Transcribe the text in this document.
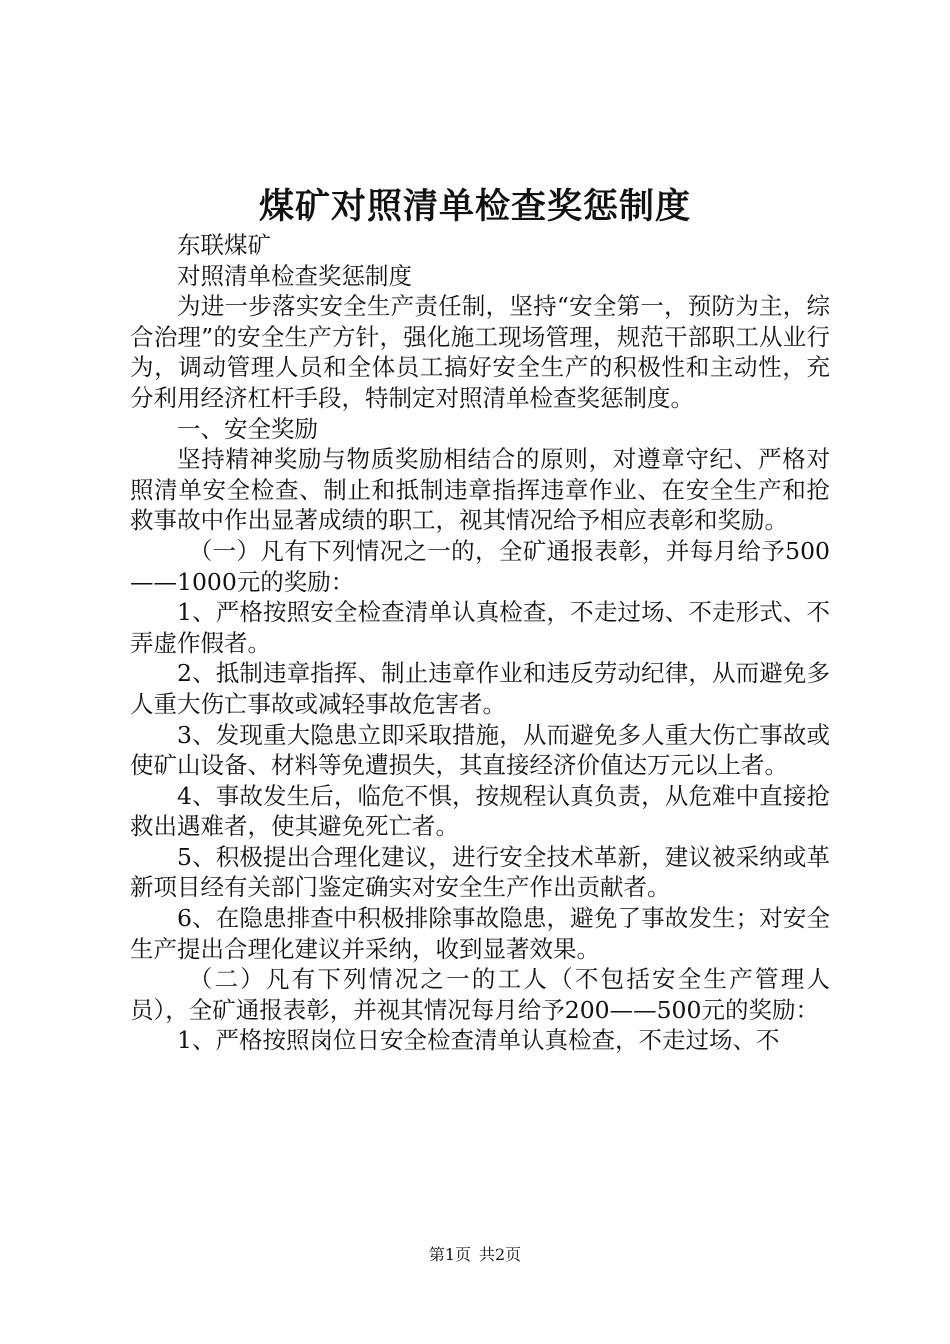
煤矿对照清单检查奖惩制度

东联煤矿

对照清单检查奖惩制度

为进一步落实安全生产责任制，坚持“安全第一，预防为主，综合治理”的安全生产方针，强化施工现场管理，规范干部职工从业行为，调动管理人员和全体员工搞好安全生产的积极性和主动性，充分利用经济杠杆手段，特制定对照清单检查奖惩制度。

一、安全奖励

坚持精神奖励与物质奖励相结合的原则，对遵章守纪、严格对照清单安全检查、制止和抵制违章指挥违章作业、在安全生产和抢救事故中作出显著成绩的职工，视其情况给予相应表彰和奖励。

（一）凡有下列情况之一的，全矿通报表彰，并每月给予500——1000元的奖励：

1、严格按照安全检查清单认真检查，不走过场、不走形式、不弄虚作假者。

2、抵制违章指挥、制止违章作业和违反劳动纪律，从而避免多人重大伤亡事故或减轻事故危害者。

3、发现重大隐患立即采取措施，从而避免多人重大伤亡事故或使矿山设备、材料等免遭损失，其直接经济价值达万元以上者。

4、事故发生后，临危不惧，按规程认真负责，从危难中直接抢救出遇难者，使其避免死亡者。

5、积极提出合理化建议，进行安全技术革新，建议被采纳或革新项目经有关部门鉴定确实对安全生产作出贡献者。

6、在隐患排查中积极排除事故隐患，避免了事故发生；对安全生产提出合理化建议并采纳，收到显著效果。

（二）凡有下列情况之一的工人（不包括安全生产管理人员），全矿通报表彰，并视其情况每月给予200——500元的奖励：

1、严格按照岗位日安全检查清单认真检查，不走过场、不

第1页 共2页
